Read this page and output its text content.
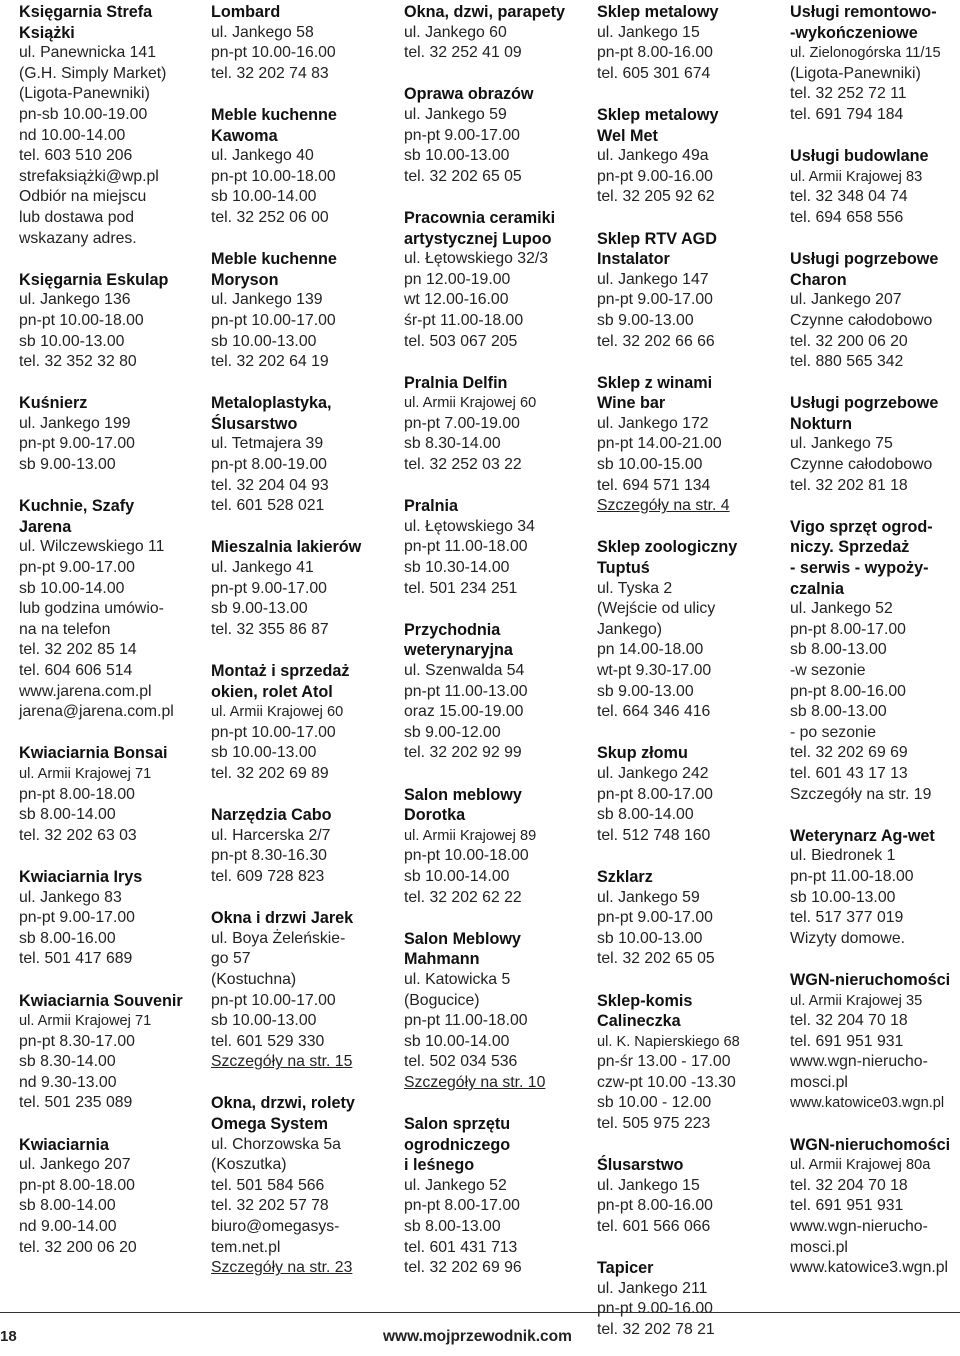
Księgarnia Strefa
Książki
ul. Panewnicka 141
(G.H. Simply Market)
(Ligota-Panewniki)
pn-sb 10.00-19.00
nd 10.00-14.00
tel. 603 510 206
strefaksiążki@wp.pl
Odbiór na miejscu
lub dostawa pod
wskazany adres.
Księgarnia Eskulap
ul. Jankego 136
pn-pt 10.00-18.00
sb 10.00-13.00
tel. 32 352 32 80
Kuśnierz
ul. Jankego 199
pn-pt 9.00-17.00
sb 9.00-13.00
Kuchnie, Szafy
Jarena
ul. Wilczewskiego 11
pn-pt 9.00-17.00
sb 10.00-14.00
lub godzina umówio-
na na telefon
tel. 32 202 85 14
tel. 604 606 514
www.jarena.com.pl
jarena@jarena.com.pl
Kwiaciarnia Bonsai
ul. Armii Krajowej 71
pn-pt 8.00-18.00
sb 8.00-14.00
tel. 32 202 63 03
Kwiaciarnia Irys
ul. Jankego 83
pn-pt 9.00-17.00
sb 8.00-16.00
tel. 501 417 689
Kwiaciarnia Souvenir
ul. Armii Krajowej 71
pn-pt 8.30-17.00
sb 8.30-14.00
nd 9.30-13.00
tel. 501 235 089
Kwiaciarnia
ul. Jankego 207
pn-pt 8.00-18.00
sb 8.00-14.00
nd 9.00-14.00
tel. 32 200 06 20
Lombard
ul. Jankego 58
pn-pt 10.00-16.00
tel. 32 202 74 83
Meble kuchenne
Kawoma
ul. Jankego 40
pn-pt 10.00-18.00
sb 10.00-14.00
tel. 32 252 06 00
Meble kuchenne
Moryson
ul. Jankego 139
pn-pt 10.00-17.00
sb 10.00-13.00
tel. 32 202 64 19
Metaloplastyka,
Ślusarstwo
ul. Tetmajera 39
pn-pt 8.00-19.00
tel. 32 204 04 93
tel. 601 528 021
Mieszalnia lakierów
ul. Jankego 41
pn-pt 9.00-17.00
sb 9.00-13.00
tel. 32 355 86 87
Montaż i sprzedaż
okien, rolet Atol
ul. Armii Krajowej 60
pn-pt 10.00-17.00
sb 10.00-13.00
tel. 32 202 69 89
Narzędzia Cabo
ul. Harcerska 2/7
pn-pt 8.30-16.30
tel. 609 728 823
Okna i drzwi Jarek
ul. Boya Żeleńskie-
go 57
(Kostuchna)
pn-pt 10.00-17.00
sb 10.00-13.00
tel. 601 529 330
Szczegóły na str. 15
Okna, drzwi, rolety
Omega System
ul. Chorzowska 5a
(Koszutka)
tel. 501 584 566
tel. 32 202 57 78
biuro@omegasys-
tem.net.pl
Szczegóły na str. 23
Okna, dzwi, parapety
ul. Jankego 60
tel. 32 252 41 09
Oprawa obrazów
ul. Jankego 59
pn-pt 9.00-17.00
sb 10.00-13.00
tel. 32 202 65 05
Pracownia ceramiki
artystycznej Lupoo
ul. Łętowskiego 32/3
pn 12.00-19.00
wt 12.00-16.00
śr-pt 11.00-18.00
tel. 503 067 205
Pralnia Delfin
ul. Armii Krajowej 60
pn-pt 7.00-19.00
sb 8.30-14.00
tel. 32 252 03 22
Pralnia
ul. Łętowskiego 34
pn-pt 11.00-18.00
sb 10.30-14.00
tel. 501 234 251
Przychodnia
weterynaryjna
ul. Szenwalda 54
pn-pt 11.00-13.00
oraz 15.00-19.00
sb 9.00-12.00
tel. 32 202 92 99
Salon meblowy
Dorotka
ul. Armii Krajowej 89
pn-pt 10.00-18.00
sb 10.00-14.00
tel. 32 202 62 22
Salon Meblowy
Mahmann
ul. Katowicka 5
(Bogucice)
pn-pt 11.00-18.00
sb 10.00-14.00
tel. 502 034 536
Szczegóły na str. 10
Salon sprzętu
ogrodniczego
i leśnego
ul. Jankego 52
pn-pt 8.00-17.00
sb 8.00-13.00
tel. 601 431 713
tel. 32 202 69 96
Sklep metalowy
ul. Jankego 15
pn-pt 8.00-16.00
tel. 605 301 674
Sklep metalowy
Wel Met
ul. Jankego 49a
pn-pt 9.00-16.00
tel. 32 205 92 62
Sklep RTV AGD
Instalator
ul. Jankego 147
pn-pt 9.00-17.00
sb 9.00-13.00
tel. 32 202 66 66
Sklep z winami
Wine bar
ul. Jankego 172
pn-pt 14.00-21.00
sb 10.00-15.00
tel. 694 571 134
Szczegóły na str. 4
Sklep zoologiczny
Tuptuś
ul. Tyska 2
(Wejście od ulicy
Jankego)
pn 14.00-18.00
wt-pt 9.30-17.00
sb 9.00-13.00
tel. 664 346 416
Skup złomu
ul. Jankego 242
pn-pt 8.00-17.00
sb 8.00-14.00
tel. 512 748 160
Szklarz
ul. Jankego 59
pn-pt 9.00-17.00
sb 10.00-13.00
tel. 32 202 65 05
Sklep-komis
Calineczka
ul. K. Napierskiego 68
pn-śr 13.00 - 17.00
czw-pt 10.00 -13.30
sb 10.00 - 12.00
tel. 505 975 223
Ślusarstwo
ul. Jankego 15
pn-pt 8.00-16.00
tel. 601 566 066
Tapicer
ul. Jankego 211
pn-pt 9.00-16.00
tel. 32 202 78 21
Usługi remontowo-
-wykończeniowe
ul. Zielonogórska 11/15
(Ligota-Panewniki)
tel. 32 252 72 11
tel. 691 794 184
Usługi budowlane
ul. Armii Krajowej 83
tel. 32 348 04 74
tel. 694 658 556
Usługi pogrzebowe
Charon
ul. Jankego 207
Czynne całodobowo
tel. 32 200 06 20
tel. 880 565 342
Usługi pogrzebowe
Nokturn
ul. Jankego 75
Czynne całodobowo
tel. 32 202 81 18
Vigo sprzęt ogrod-
niczy. Sprzedaż
- serwis - wypoży-
czalnia
ul. Jankego 52
pn-pt 8.00-17.00
sb 8.00-13.00
-w sezonie
pn-pt 8.00-16.00
sb 8.00-13.00
- po sezonie
tel. 32 202 69 69
tel. 601 43 17 13
Szczegóły na str. 19
Weterynarz Ag-wet
ul. Biedronek 1
pn-pt 11.00-18.00
sb 10.00-13.00
tel. 517 377 019
Wizyty domowe.
WGN-nieruchomości
ul. Armii Krajowej 35
tel. 32 204 70 18
tel. 691 951 931
www.wgn-nierucho-
mosci.pl
www.katowice03.wgn.pl
WGN-nieruchomości
ul. Armii Krajowej 80a
tel. 32 204 70 18
tel. 691 951 931
www.wgn-nierucho-
mosci.pl
www.katowice3.wgn.pl
18	www.mojprzewodnik.com
